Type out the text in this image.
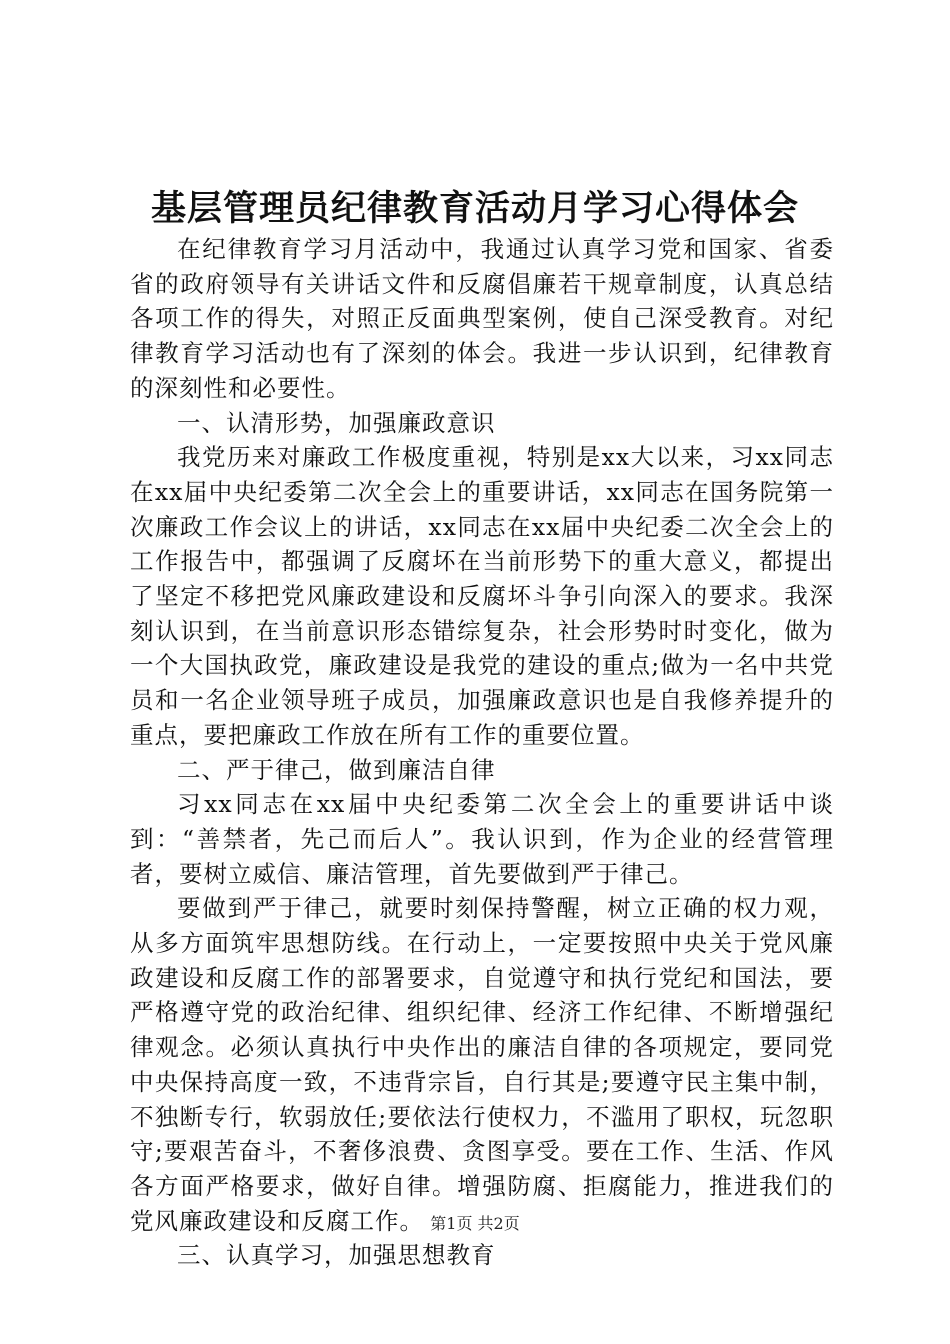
基层管理员纪律教育活动月学习心得体会

在纪律教育学习月活动中，我通过认真学习党和国家、省委省的政府领导有关讲话文件和反腐倡廉若干规章制度，认真总结各项工作的得失，对照正反面典型案例，使自己深受教育。对纪律教育学习活动也有了深刻的体会。我进一步认识到，纪律教育的深刻性和必要性。

一、认清形势，加强廉政意识

我党历来对廉政工作极度重视，特别是xx大以来，习xx同志在xx届中央纪委第二次全会上的重要讲话，xx同志在国务院第一次廉政工作会议上的讲话，xx同志在xx届中央纪委二次全会上的工作报告中，都强调了反腐坏在当前形势下的重大意义，都提出了坚定不移把党风廉政建设和反腐坏斗争引向深入的要求。我深刻认识到，在当前意识形态错综复杂，社会形势时时变化，做为一个大国执政党，廉政建设是我党的建设的重点;做为一名中共党员和一名企业领导班子成员，加强廉政意识也是自我修养提升的重点，要把廉政工作放在所有工作的重要位置。

二、严于律己，做到廉洁自律

习xx同志在xx届中央纪委第二次全会上的重要讲话中谈到：“善禁者，先己而后人”。我认识到，作为企业的经营管理者，要树立威信、廉洁管理，首先要做到严于律己。

要做到严于律己，就要时刻保持警醒，树立正确的权力观，从多方面筑牢思想防线。在行动上，一定要按照中央关于党风廉政建设和反腐工作的部署要求，自觉遵守和执行党纪和国法，要严格遵守党的政治纪律、组织纪律、经济工作纪律、不断增强纪律观念。必须认真执行中央作出的廉洁自律的各项规定，要同党中央保持高度一致，不违背宗旨，自行其是;要遵守民主集中制，不独断专行，软弱放任;要依法行使权力，不滥用了职权，玩忽职守;要艰苦奋斗，不奢侈浪费、贪图享受。要在工作、生活、作风各方面严格要求，做好自律。增强防腐、拒腐能力，推进我们的党风廉政建设和反腐工作。

三、认真学习，加强思想教育

第1页 共2页
